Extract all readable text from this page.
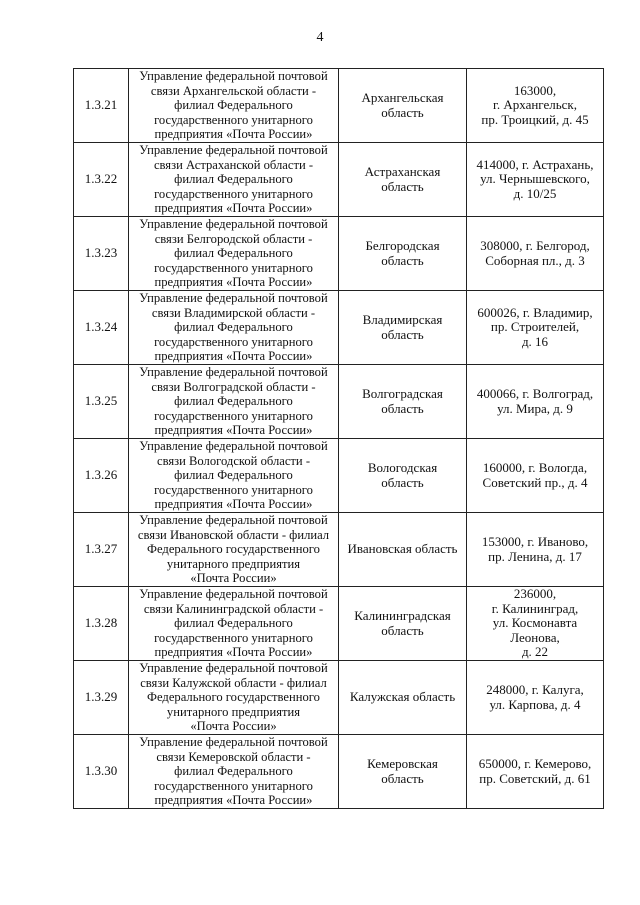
4
1.3.21	Управление федеральной почтовой
связи Архангельской области -
филиал Федерального
государственного унитарного
предприятия «Почта России»	Архангельская
область	163000,
г. Архангельск,
пр. Троицкий, д. 45

1.3.22	Управление федеральной почтовой
связи Астраханской области -
филиал Федерального
государственного унитарного
предприятия «Почта России»	Астраханская
область	414000, г. Астрахань,
ул. Чернышевского,
д. 10/25

1.3.23	Управление федеральной почтовой
связи Белгородской области -
филиал Федерального
государственного унитарного
предприятия «Почта России»	Белгородская
область	308000, г. Белгород,
Соборная пл., д. 3

1.3.24	Управление федеральной почтовой
связи Владимирской области -
филиал Федерального
государственного унитарного
предприятия «Почта России»	Владимирская
область	600026, г. Владимир,
пр. Строителей,
д. 16

1.3.25	Управление федеральной почтовой
связи Волгоградской области -
филиал Федерального
государственного унитарного
предприятия «Почта России»	Волгоградская
область	400066, г. Волгоград,
ул. Мира, д. 9

1.3.26	Управление федеральной почтовой
связи Вологодской области -
филиал Федерального
государственного унитарного
предприятия «Почта России»	Вологодская
область	160000, г. Вологда,
Советский пр., д. 4

1.3.27	Управление федеральной почтовой
связи Ивановской области - филиал
Федерального государственного
унитарного предприятия
«Почта России»	Ивановская область	153000, г. Иваново,
пр. Ленина, д. 17

1.3.28	Управление федеральной почтовой
связи Калининградской области -
филиал Федерального
государственного унитарного
предприятия «Почта России»	Калининградская
область	236000,
г. Калининград,
ул. Космонавта Леонова,
д. 22

1.3.29	Управление федеральной почтовой
связи Калужской области - филиал
Федерального государственного
унитарного предприятия
«Почта России»	Калужская область	248000, г. Калуга,
ул. Карпова, д. 4

1.3.30	Управление федеральной почтовой
связи Кемеровской области -
филиал Федерального
государственного унитарного
предприятия «Почта России»	Кемеровская
область	650000, г. Кемерово,
пр. Советский, д. 61
